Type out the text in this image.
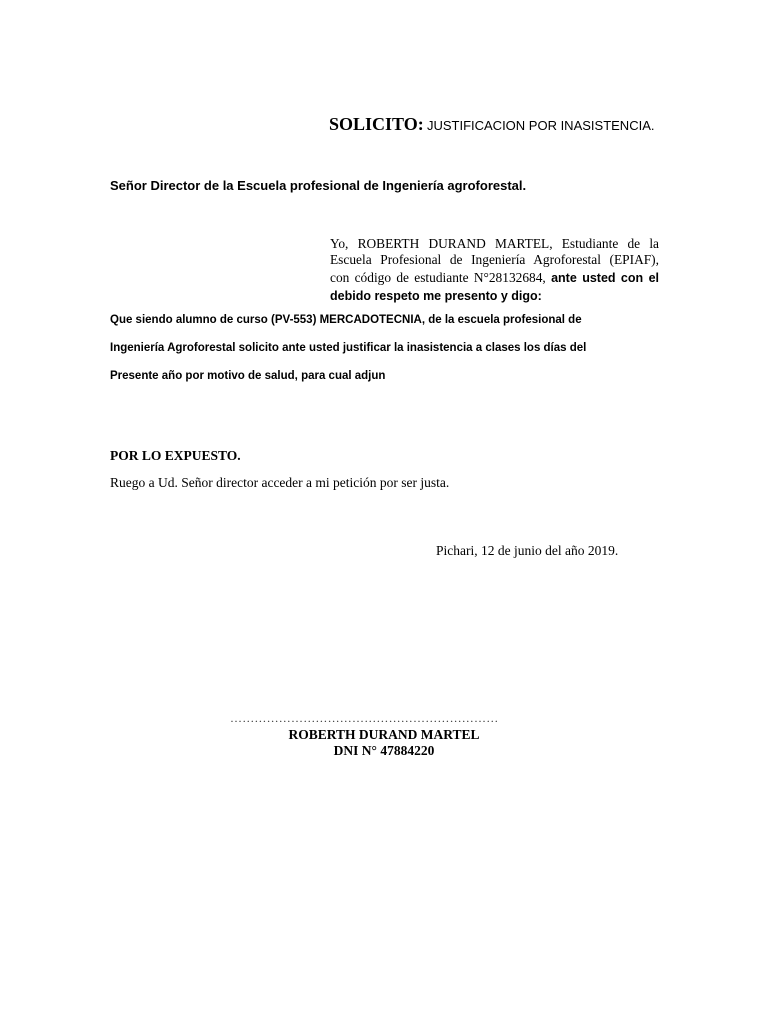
SOLICITO: JUSTIFICACION POR INASISTENCIA.
Señor Director de la Escuela profesional de Ingeniería agroforestal.
Yo, ROBERTH DURAND MARTEL, Estudiante de la
Escuela Profesional de Ingeniería Agroforestal (EPIAF),
con código de estudiante N°28132684, ante usted con el
debido respeto me presento y digo:
Que siendo alumno de curso (PV-553) MERCADOTECNIA, de la escuela profesional de
Ingeniería Agroforestal solicito ante usted justificar la inasistencia a clases los días del
Presente año por motivo de salud, para cual adjun
POR LO EXPUESTO.
Ruego a Ud. Señor director acceder a mi petición por ser justa.
Pichari, 12 de junio del año 2019.
…………………………………………………………
ROBERTH DURAND MARTEL
DNI N° 47884220
